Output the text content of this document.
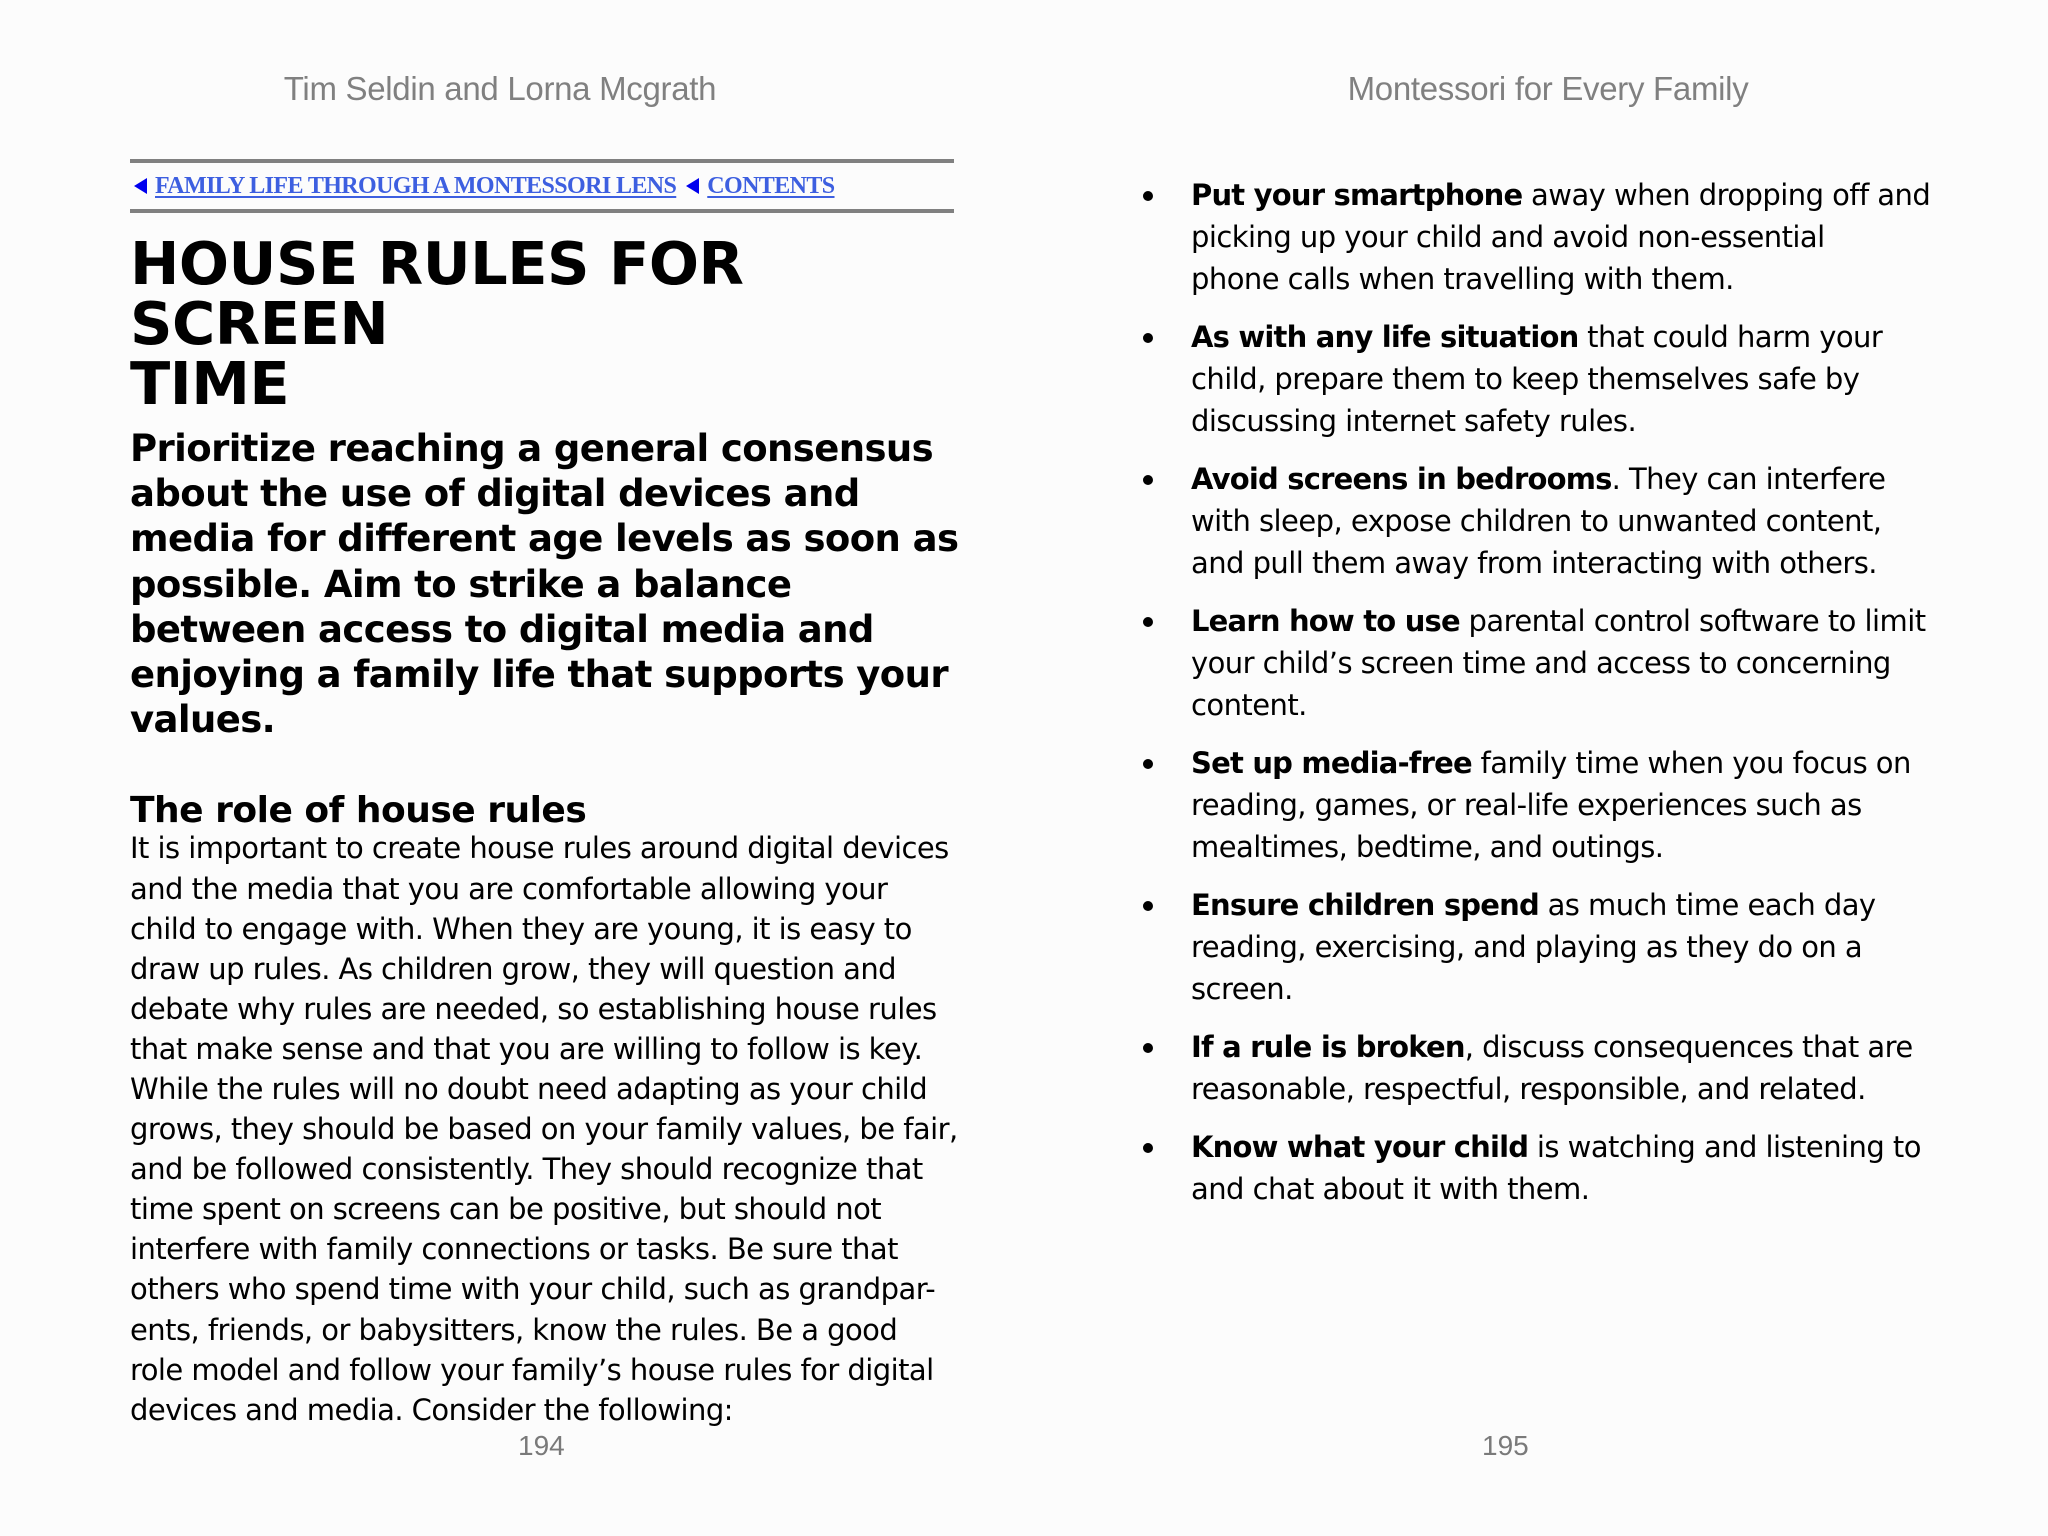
Tim Seldin and Lorna Mcgrath
FAMILY LIFE THROUGH A MONTESSORI LENS CONTENTS
HOUSE RULES FOR SCREEN
TIME

Prioritize reaching a general consensus about the use of digital devices and media for different age levels as soon as possible. Aim to strike a balance between access to digital media and enjoying a family life that supports your values.

The role of house rules

It is important to create house rules around digital devices
and the media that you are comfortable allowing your
child to engage with. When they are young, it is easy to
draw up rules. As children grow, they will question and
debate why rules are needed, so establishing house rules
that make sense and that you are willing to follow is key.
While the rules will no doubt need adapting as your child
grows, they should be based on your family values, be fair,
and be followed consistently. They should recognize that
time spent on screens can be positive, but should not
interfere with family connections or tasks. Be sure that
others who spend time with your child, such as grandpar-
ents, friends, or babysitters, know the rules. Be a good
role model and follow your family’s house rules for digital
devices and media. Consider the following:

194
Montessori for Every Family
195
Put your smartphone away when dropping off and
picking up your child and avoid non-essential
phone calls when travelling with them.
As with any life situation that could harm your
child, prepare them to keep themselves safe by
discussing internet safety rules.
Avoid screens in bedrooms. They can interfere
with sleep, expose children to unwanted content,
and pull them away from interacting with others.
Learn how to use parental control software to limit
your child’s screen time and access to concerning
content.
Set up media-free family time when you focus on
reading, games, or real-life experiences such as
mealtimes, bedtime, and outings.
Ensure children spend as much time each day
reading, exercising, and playing as they do on a
screen.
If a rule is broken, discuss consequences that are
reasonable, respectful, responsible, and related.
Know what your child is watching and listening to
and chat about it with them.
